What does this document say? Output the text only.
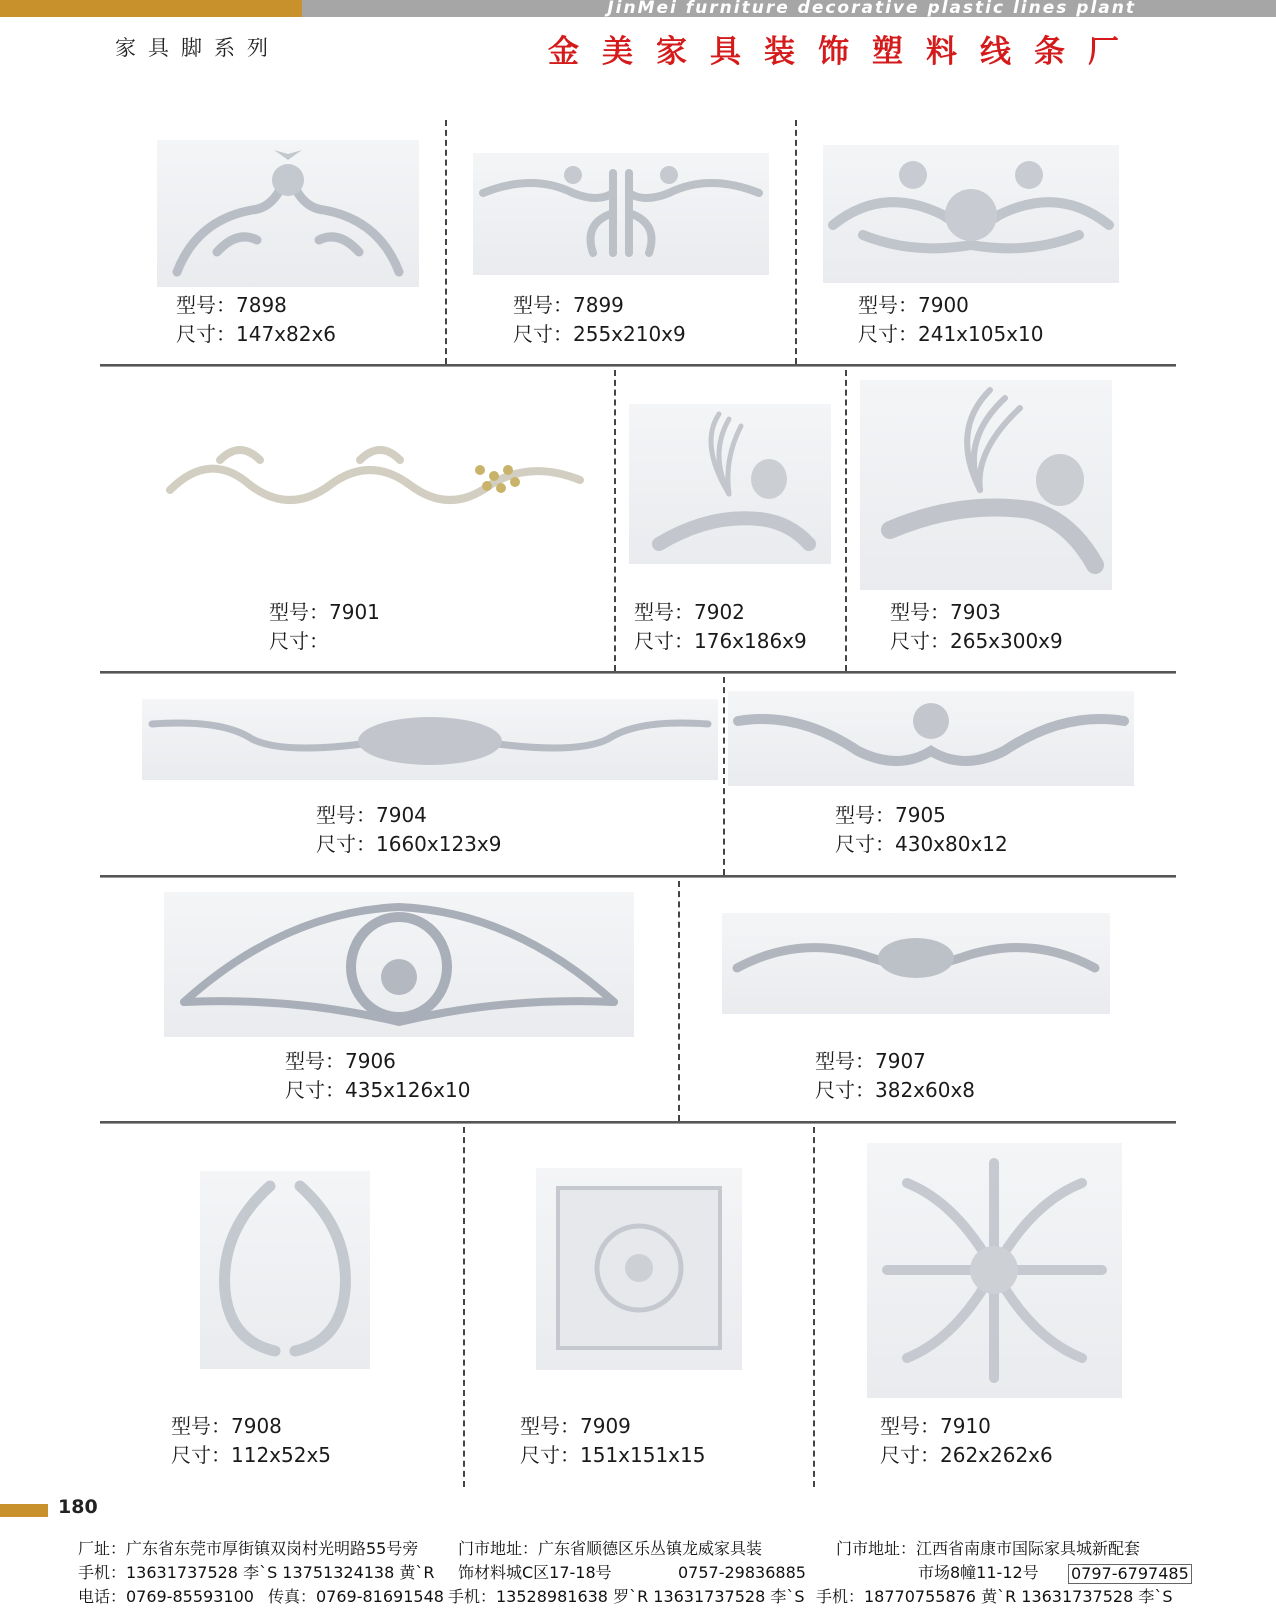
JinMei furniture decorative plastic lines plant
家具脚系列	金美家具装饰塑料线条厂
型号：7898
尺寸：147x82x6
型号：7899
尺寸：255x210x9
型号：7900
尺寸：241x105x10
型号：7901
尺寸：
型号：7902
尺寸：176x186x9
型号：7903
尺寸：265x300x9
型号：7904
尺寸：1660x123x9
型号：7905
尺寸：430x80x12
型号：7906
尺寸：435x126x10
型号：7907
尺寸：382x60x8
型号：7908
尺寸：112x52x5
型号：7909
尺寸：151x151x15
型号：7910
尺寸：262x262x6
180
厂址：广东省东莞市厚街镇双岗村光明路55号旁 门市地址：广东省顺德区乐丛镇龙威家具装	门市地址：江西省南康市国际家具城新配套
手机：13631737528 李`S 13751324138 黄`R 饰材料城C区17-18号	0757-29836885	市场8幢11-12号 0797-6797485
电话：0769-85593100 传真：0769-81691548 手机：13528981638 罗`R 13631737528 李`S 手机：18770755876 黄`R 13631737528 李`S
